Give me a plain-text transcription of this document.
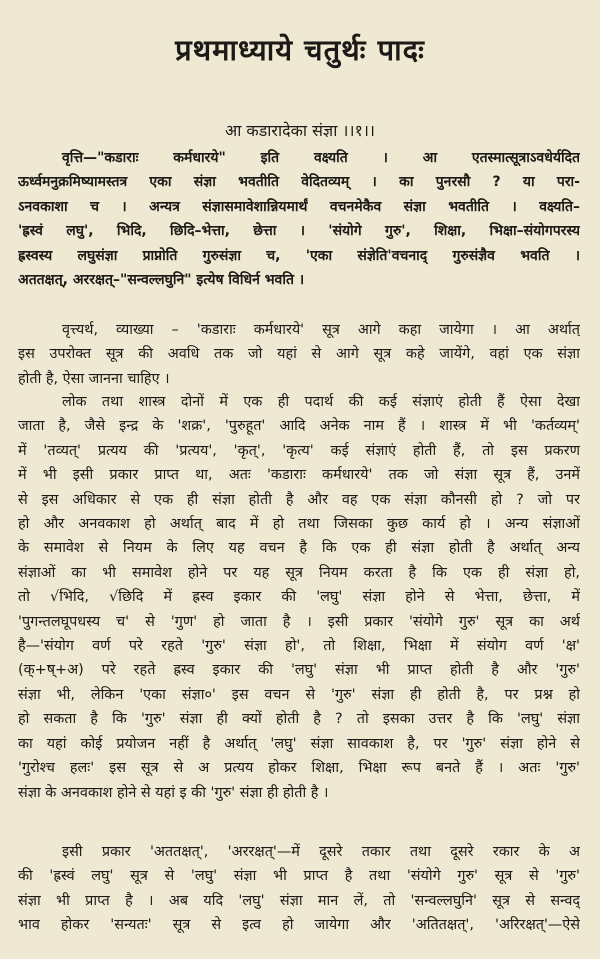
प्रथमाध्याये चतुर्थः पादः
आ कडारादेका संज्ञा ।।१।।
वृत्ति—"कडाराः कर्मधारये" इति वक्ष्यति । आ एतस्मात्सूत्राऽवधेर्यदित
ऊर्ध्वमनुक्रमिष्यामस्तत्र एका संज्ञा भवतीति वेदितव्यम् । का पुनरसौ ? या परा-
ऽनवकाशा च । अन्यत्र संज्ञासमावेशान्नियमार्थं वचनमेकैव संज्ञा भवतीति । वक्ष्यति–
'ह्रस्वं लघु', भिदि, छिदि–भेत्ता, छेत्ता । 'संयोगे गुरु', शिक्षा, भिक्षा–संयोगपरस्य
ह्रस्वस्य लघुसंज्ञा प्राप्नोति गुरुसंज्ञा च, 'एका संज्ञेति'वचनाद् गुरुसंज्ञैव भवति ।
अततक्षत्, अररक्षत्–"सन्वल्लघुनि" इत्येष विधिर्न भवति ।
वृत्त्यर्थ, व्याख्या – 'कडाराः कर्मधारये' सूत्र आगे कहा जायेगा । आ अर्थात्
इस उपरोक्त सूत्र की अवधि तक जो यहां से आगे सूत्र कहे जायेंगे, वहां एक संज्ञा
होती है, ऐसा जानना चाहिए ।
लोक तथा शास्त्र दोनों में एक ही पदार्थ की कई संज्ञाएं होती हैं ऐसा देखा
जाता है, जैसे इन्द्र के 'शक्र', 'पुरुहूत' आदि अनेक नाम हैं । शास्त्र में भी 'कर्तव्यम्'
में 'तव्यत्' प्रत्यय की 'प्रत्यय', 'कृत्', 'कृत्य' कई संज्ञाएं होती हैं, तो इस प्रकरण
में भी इसी प्रकार प्राप्त था, अतः 'कडाराः कर्मधारये' तक जो संज्ञा सूत्र हैं, उनमें
से इस अधिकार से एक ही संज्ञा होती है और वह एक संज्ञा कौनसी हो ? जो पर
हो और अनवकाश हो अर्थात् बाद में हो तथा जिसका कुछ कार्य हो । अन्य संज्ञाओं
के समावेश से नियम के लिए यह वचन है कि एक ही संज्ञा होती है अर्थात् अन्य
संज्ञाओं का भी समावेश होने पर यह सूत्र नियम करता है कि एक ही संज्ञा हो,
तो √भिदि, √छिदि में ह्रस्व इकार की 'लघु' संज्ञा होने से भेत्ता, छेत्ता, में
'पुगन्तलघूपधस्य च' से 'गुण' हो जाता है । इसी प्रकार 'संयोगे गुरु' सूत्र का अर्थ
है—'संयोग वर्ण परे रहते 'गुरु' संज्ञा हो', तो शिक्षा, भिक्षा में संयोग वर्ण 'क्ष'
(क्+ष्+अ) परे रहते ह्रस्व इकार की 'लघु' संज्ञा भी प्राप्त होती है और 'गुरु'
संज्ञा भी, लेकिन 'एका संज्ञा०' इस वचन से 'गुरु' संज्ञा ही होती है, पर प्रश्न हो
हो सकता है कि 'गुरु' संज्ञा ही क्यों होती है ? तो इसका उत्तर है कि 'लघु' संज्ञा
का यहां कोई प्रयोजन नहीं है अर्थात् 'लघु' संज्ञा सावकाश है, पर 'गुरु' संज्ञा होने से
'गुरोश्च हलः' इस सूत्र से अ प्रत्यय होकर शिक्षा, भिक्षा रूप बनते हैं । अतः 'गुरु'
संज्ञा के अनवकाश होने से यहां इ की 'गुरु' संज्ञा ही होती है ।
इसी प्रकार 'अततक्षत्', 'अररक्षत्'—में दूसरे तकार तथा दूसरे रकार के अ
की 'ह्रस्वं लघु' सूत्र से 'लघु' संज्ञा भी प्राप्त है तथा 'संयोगे गुरु' सूत्र से 'गुरु'
संज्ञा भी प्राप्त है । अब यदि 'लघु' संज्ञा मान लें, तो 'सन्वल्लघुनि' सूत्र से सन्वद्
भाव होकर 'सन्यतः' सूत्र से इत्व हो जायेगा और 'अतितक्षत्', 'अरिरक्षत्'—ऐसे
